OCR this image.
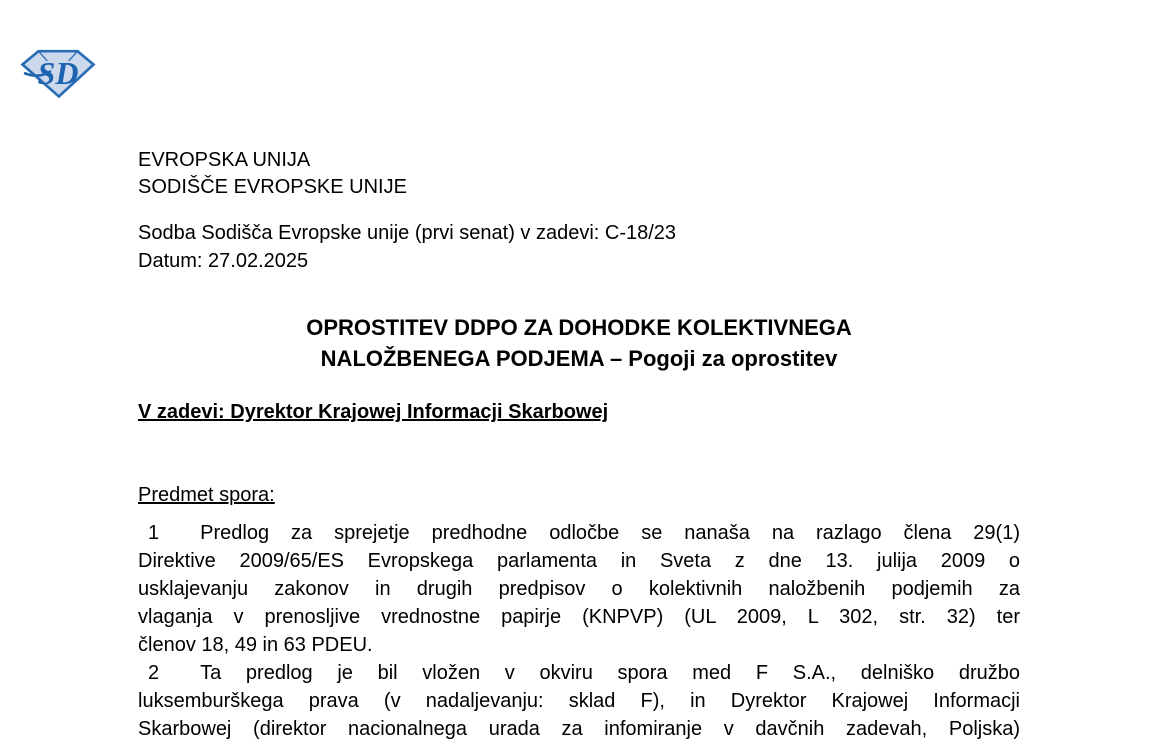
SD
EVROPSKA UNIJA
SODIŠČE EVROPSKE UNIJE
Sodba Sodišča Evropske unije (prvi senat) v zadevi: C-18/23
Datum: 27.02.2025
OPROSTITEV DDPO ZA DOHODKE KOLEKTIVNEGA
NALOŽBENEGA PODJEMA – Pogoji za oprostitev
V zadevi: Dyrektor Krajowej Informacji Skarbowej
Predmet spora:
1 Predlog za sprejetje predhodne odločbe se nanaša na razlago člena 29(1)
Direktive 2009/65/ES Evropskega parlamenta in Sveta z dne 13. julija 2009 o
usklajevanju zakonov in drugih predpisov o kolektivnih naložbenih podjemih za
vlaganja v prenosljive vrednostne papirje (KNPVP) (UL 2009, L 302, str. 32) ter
členov 18, 49 in 63 PDEU.
2 Ta predlog je bil vložen v okviru spora med F S.A., delniško družbo
luksemburškega prava (v nadaljevanju: sklad F), in Dyrektor Krajowej Informacji
Skarbowej (direktor nacionalnega urada za infomiranje v davčnih zadevah, Poljska)
